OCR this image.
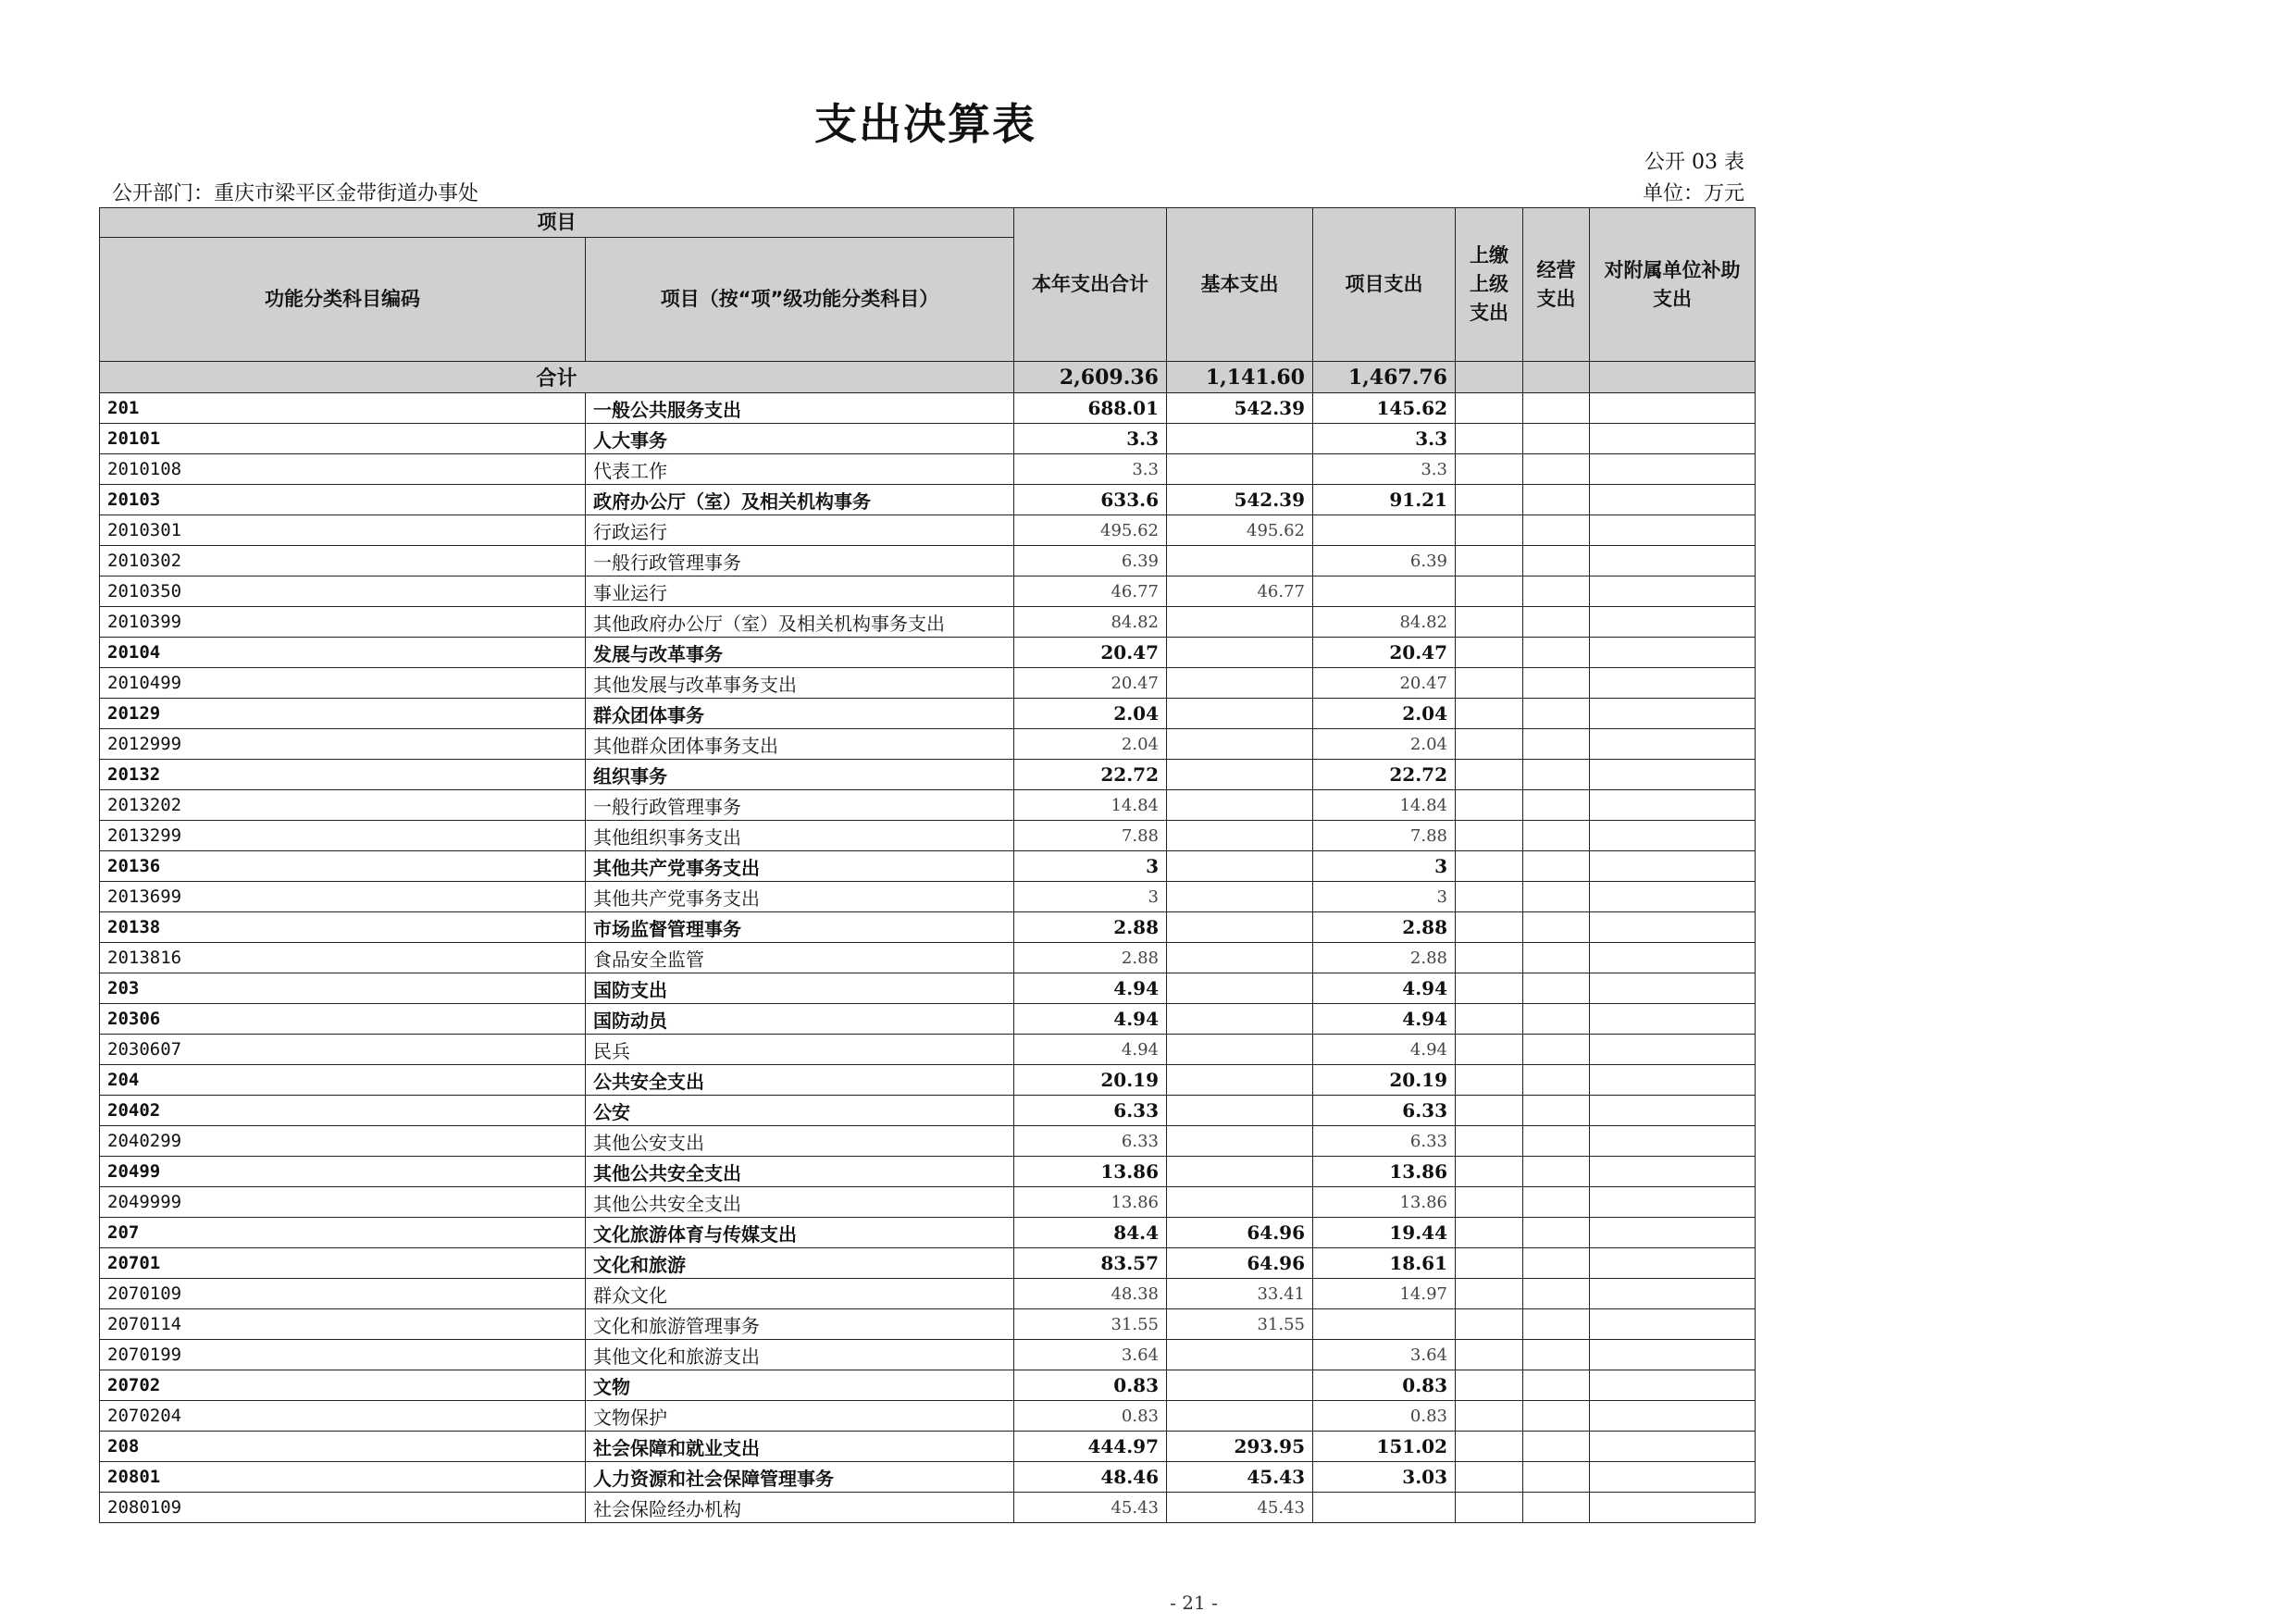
支出决算表
公开 03 表
公开部门：重庆市梁平区金带街道办事处	单位：万元
项目		本年支出合计	基本支出	项目支出	上缴上级支出	经营支出	对附属单位补助支出
功能分类科目编码	项目（按“项”级功能分类科目）						
合计		2,609.36	1,141.60	1,467.76			
201	一般公共服务支出	688.01	542.39	145.62			
20101	人大事务	3.3		3.3			
2010108	代表工作	3.3		3.3			
20103	政府办公厅（室）及相关机构事务	633.6	542.39	91.21			
2010301	行政运行	495.62	495.62				
2010302	一般行政管理事务	6.39		6.39			
2010350	事业运行	46.77	46.77				
2010399	其他政府办公厅（室）及相关机构事务支出	84.82		84.82			
20104	发展与改革事务	20.47		20.47			
2010499	其他发展与改革事务支出	20.47		20.47			
20129	群众团体事务	2.04		2.04			
2012999	其他群众团体事务支出	2.04		2.04			
20132	组织事务	22.72		22.72			
2013202	一般行政管理事务	14.84		14.84			
2013299	其他组织事务支出	7.88		7.88			
20136	其他共产党事务支出	3		3			
2013699	其他共产党事务支出	3		3			
20138	市场监督管理事务	2.88		2.88			
2013816	食品安全监管	2.88		2.88			
203	国防支出	4.94		4.94			
20306	国防动员	4.94		4.94			
2030607	民兵	4.94		4.94			
204	公共安全支出	20.19		20.19			
20402	公安	6.33		6.33			
2040299	其他公安支出	6.33		6.33			
20499	其他公共安全支出	13.86		13.86			
2049999	其他公共安全支出	13.86		13.86			
207	文化旅游体育与传媒支出	84.4	64.96	19.44			
20701	文化和旅游	83.57	64.96	18.61			
2070109	群众文化	48.38	33.41	14.97			
2070114	文化和旅游管理事务	31.55	31.55				
2070199	其他文化和旅游支出	3.64		3.64			
20702	文物	0.83		0.83			
2070204	文物保护	0.83		0.83			
208	社会保障和就业支出	444.97	293.95	151.02			
20801	人力资源和社会保障管理事务	48.46	45.43	3.03			
2080109	社会保险经办机构	45.43	45.43				
- 21 -
